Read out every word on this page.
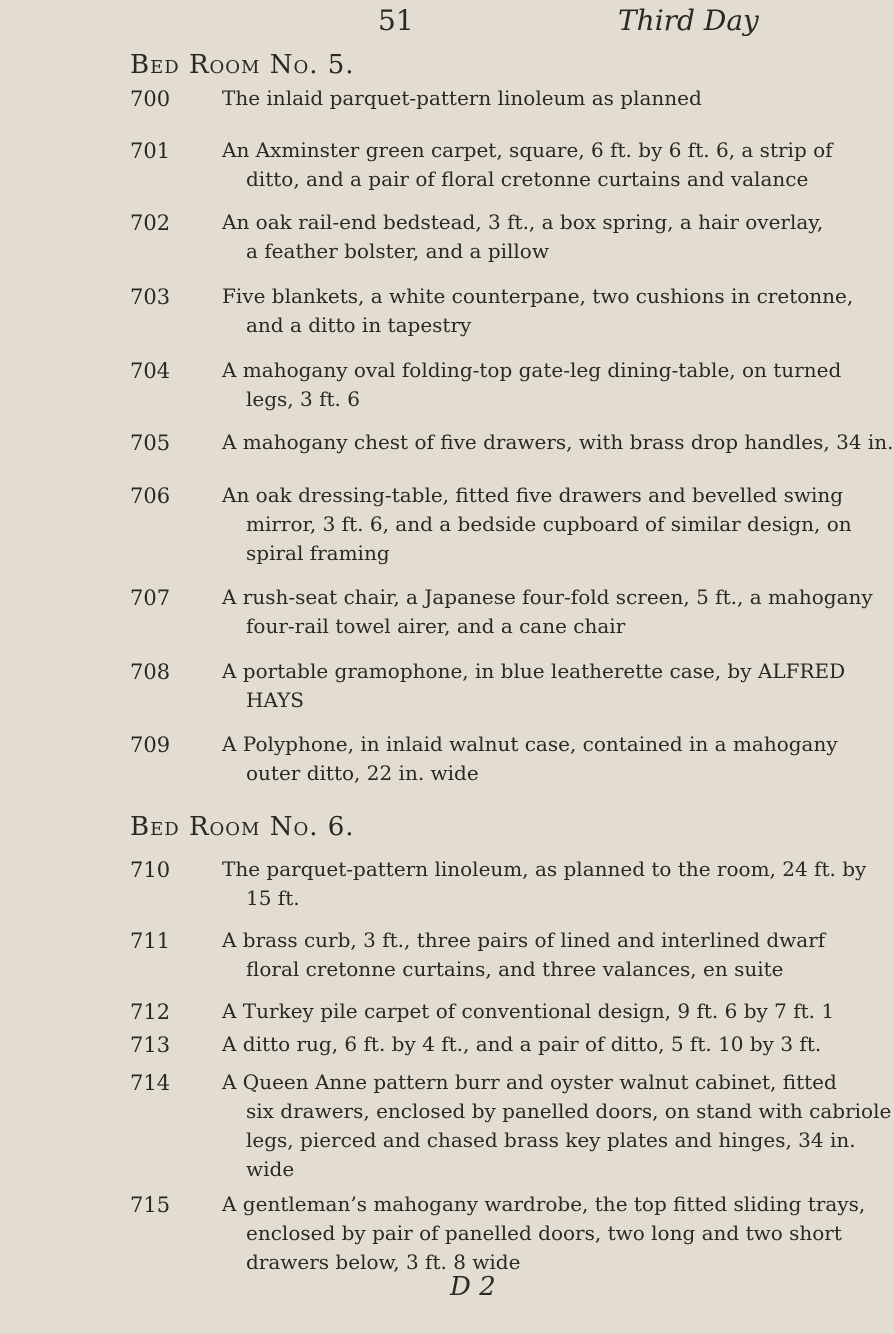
51	Third Day
Bed Room No. 5.
700	The inlaid parquet-pattern linoleum as planned
701	An Axminster green carpet, square, 6 ft. by 6 ft. 6, a strip of
ditto, and a pair of floral cretonne curtains and valance
702	An oak rail-end bedstead, 3 ft., a box spring, a hair overlay,
a feather bolster, and a pillow
703	Five blankets, a white counterpane, two cushions in cretonne,
and a ditto in tapestry
704	A mahogany oval folding-top gate-leg dining-table, on turned
legs, 3 ft. 6
705	A mahogany chest of five drawers, with brass drop handles, 34 in.
706	An oak dressing-table, fitted five drawers and bevelled swing
mirror, 3 ft. 6, and a bedside cupboard of similar design, on
spiral framing
707	A rush-seat chair, a Japanese four-fold screen, 5 ft., a mahogany
four-rail towel airer, and a cane chair
708	A portable gramophone, in blue leatherette case, by ALFRED
HAYS
709	A Polyphone, in inlaid walnut case, contained in a mahogany
outer ditto, 22 in. wide
Bed Room No. 6.
710	The parquet-pattern linoleum, as planned to the room, 24 ft. by
15 ft.
711	A brass curb, 3 ft., three pairs of lined and interlined dwarf
floral cretonne curtains, and three valances, en suite
712	A Turkey pile carpet of conventional design, 9 ft. 6 by 7 ft. 1
713	A ditto rug, 6 ft. by 4 ft., and a pair of ditto, 5 ft. 10 by 3 ft.
714	A Queen Anne pattern burr and oyster walnut cabinet, fitted
six drawers, enclosed by panelled doors, on stand with cabriole
legs, pierced and chased brass key plates and hinges, 34 in.
wide
715	A gentleman’s mahogany wardrobe, the top fitted sliding trays,
enclosed by pair of panelled doors, two long and two short
drawers below, 3 ft. 8 wide
D 2
